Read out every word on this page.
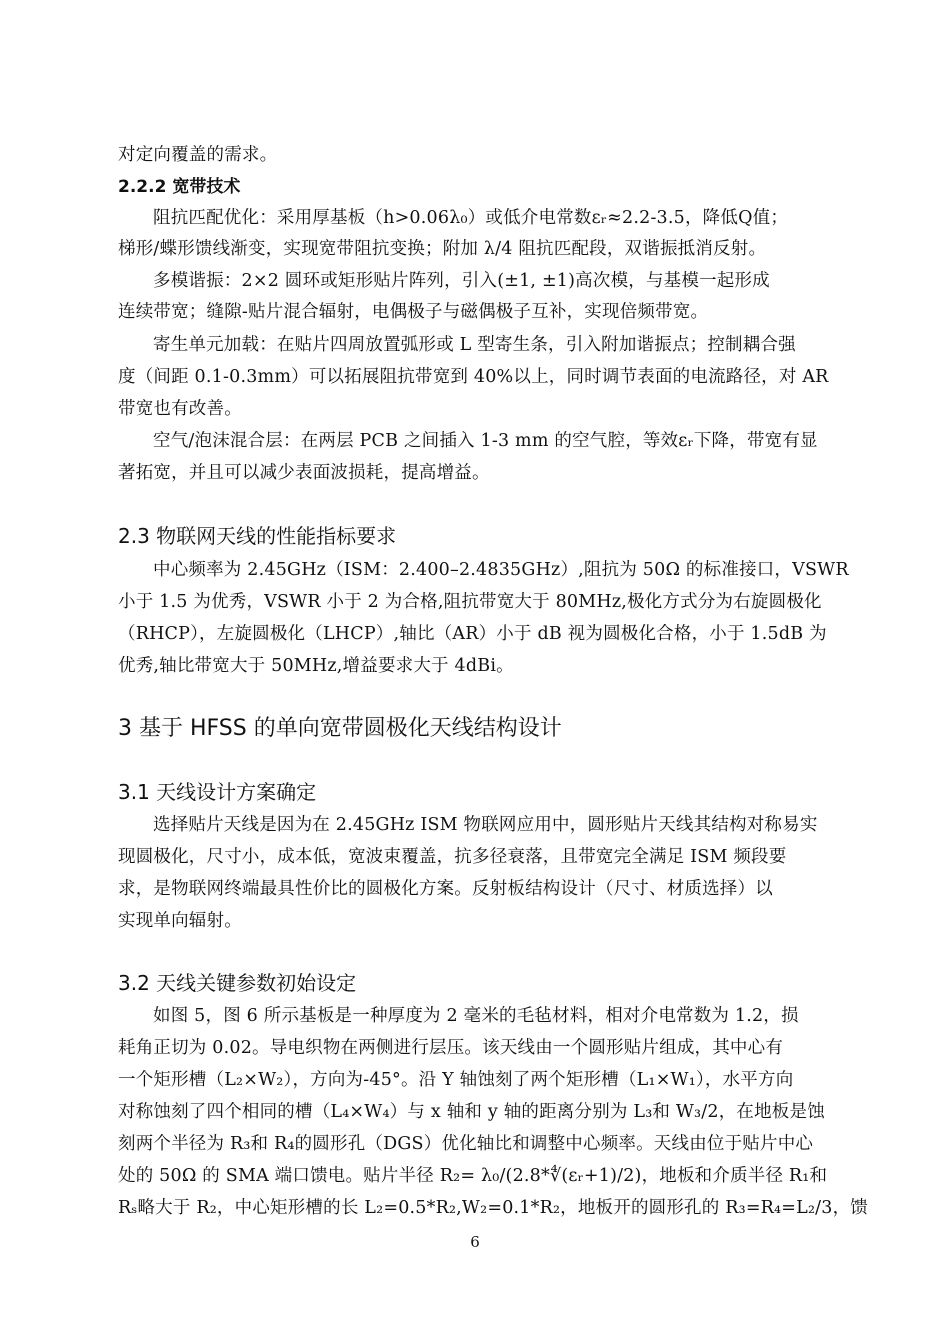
对定向覆盖的需求。
2.2.2 宽带技术
阻抗匹配优化：采用厚基板（h>0.06λ₀）或低介电常数εᵣ≈2.2-3.5，降低Q值；
梯形/蝶形馈线渐变，实现宽带阻抗变换；附加 λ/4 阻抗匹配段，双谐振抵消反射。
多模谐振：2×2 圆环或矩形贴片阵列，引入(±1, ±1)高次模，与基模一起形成
连续带宽；缝隙-贴片混合辐射，电偶极子与磁偶极子互补，实现倍频带宽。
寄生单元加载：在贴片四周放置弧形或 L 型寄生条，引入附加谐振点；控制耦合强
度（间距 0.1-0.3mm）可以拓展阻抗带宽到 40%以上，同时调节表面的电流路径，对 AR
带宽也有改善。
空气/泡沫混合层：在两层 PCB 之间插入 1-3 mm 的空气腔，等效εᵣ下降，带宽有显
著拓宽，并且可以减少表面波损耗，提高增益。
2.3 物联网天线的性能指标要求
中心频率为 2.45GHz（ISM：2.400–2.4835GHz）,阻抗为 50Ω 的标准接口，VSWR
小于 1.5 为优秀，VSWR 小于 2 为合格,阻抗带宽大于 80MHz,极化方式分为右旋圆极化
（RHCP），左旋圆极化（LHCP）,轴比（AR）小于 dB 视为圆极化合格，小于 1.5dB 为
优秀,轴比带宽大于 50MHz,增益要求大于 4dBi。
3 基于 HFSS 的单向宽带圆极化天线结构设计
3.1 天线设计方案确定
选择贴片天线是因为在 2.45GHz ISM 物联网应用中，圆形贴片天线其结构对称易实
现圆极化，尺寸小，成本低，宽波束覆盖，抗多径衰落，且带宽完全满足 ISM 频段要
求，是物联网终端最具性价比的圆极化方案。反射板结构设计（尺寸、材质选择）以
实现单向辐射。
3.2 天线关键参数初始设定
如图 5，图 6 所示基板是一种厚度为 2 毫米的毛毡材料，相对介电常数为 1.2，损
耗角正切为 0.02。导电织物在两侧进行层压。该天线由一个圆形贴片组成，其中心有
一个矩形槽（L₂×W₂），方向为-45°。沿 Y 轴蚀刻了两个矩形槽（L₁×W₁），水平方向
对称蚀刻了四个相同的槽（L₄×W₄）与 x 轴和 y 轴的距离分别为 L₃和 W₃/2，在地板是蚀
刻两个半径为 R₃和 R₄的圆形孔（DGS）优化轴比和调整中心频率。天线由位于贴片中心
处的 50Ω 的 SMA 端口馈电。贴片半径 R₂= λ₀/(2.8*∜(εᵣ+1)/2)，地板和介质半径 R₁和
Rₛ略大于 R₂，中心矩形槽的长 L₂=0.5*R₂,W₂=0.1*R₂，地板开的圆形孔的 R₃=R₄=L₂/3，馈
6
